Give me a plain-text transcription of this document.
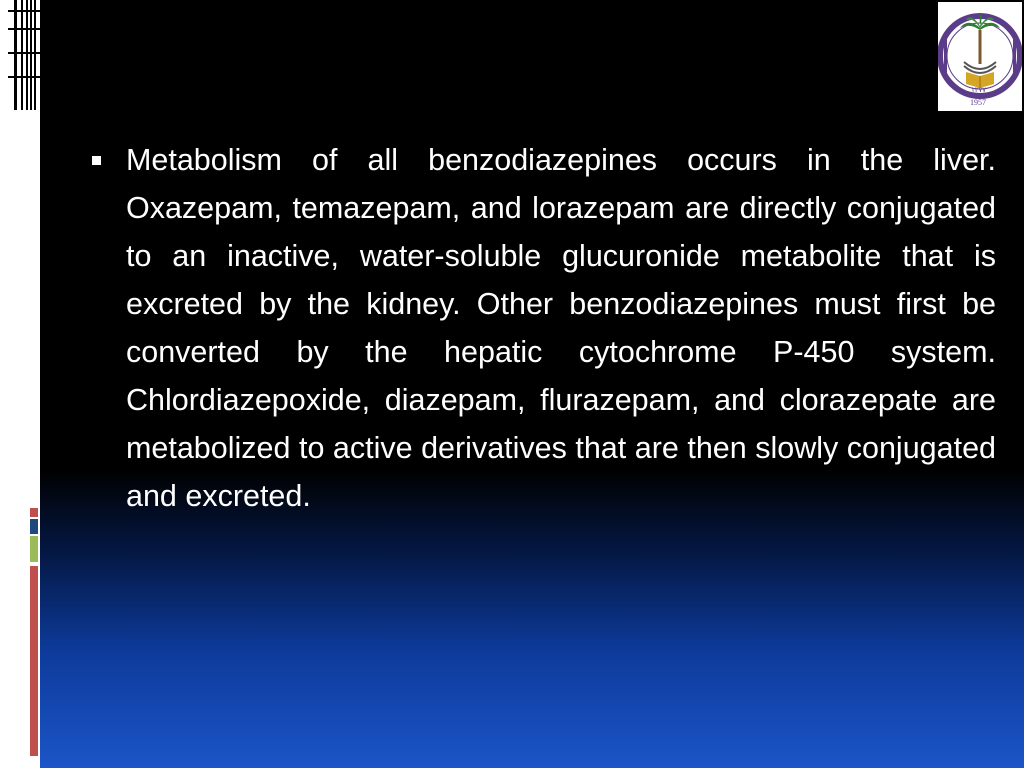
١٣٧٧
1957
Metabolism of all benzodiazepines occurs in the liver. Oxazepam, temazepam, and lorazepam are directly conjugated to an inactive, water-soluble glucuronide metabolite that is excreted by the kidney. Other benzodiazepines must first be converted by the hepatic cytochrome P-450 system. Chlordiazepoxide, diazepam, flurazepam, and clorazepate are metabolized to active derivatives that are then slowly conjugated and excreted.
